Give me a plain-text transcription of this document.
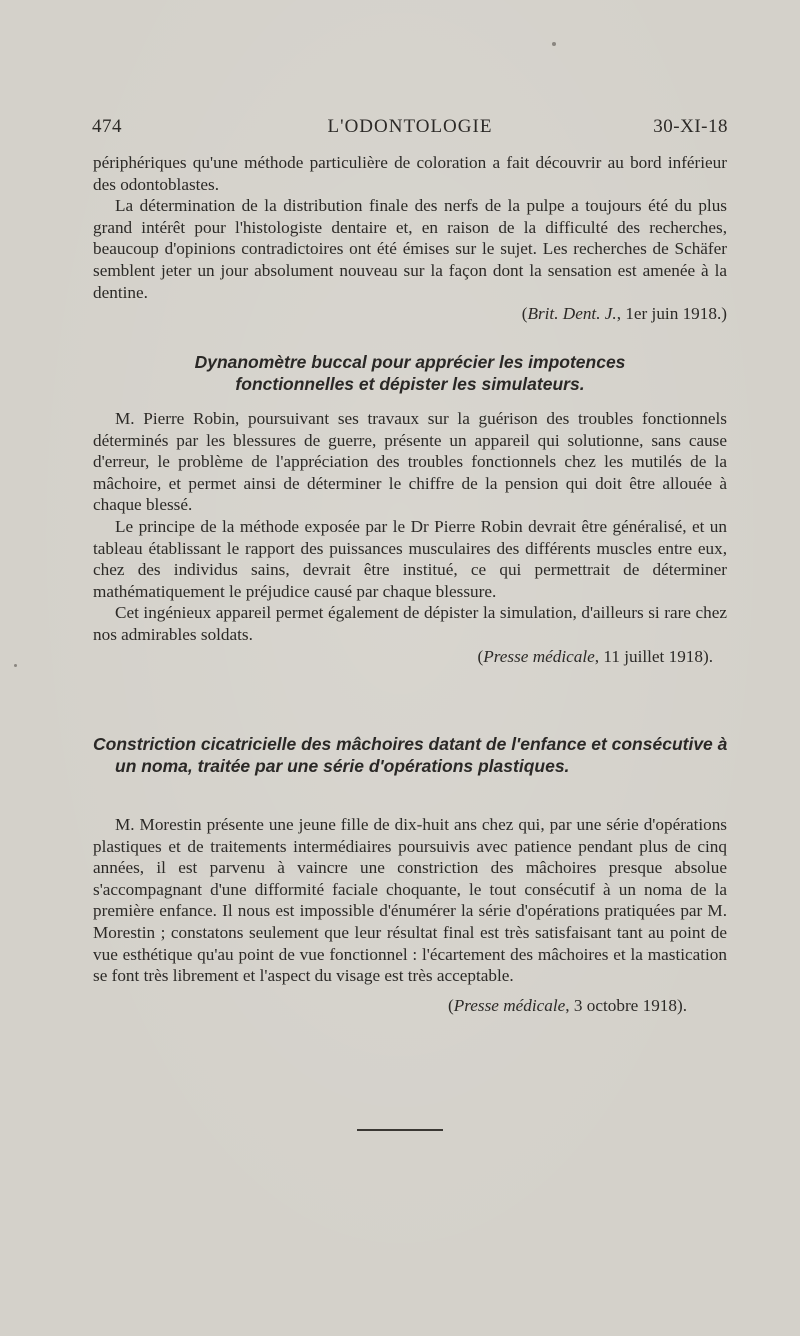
474	L'ODONTOLOGIE	30-XI-18

périphériques qu'une méthode particulière de coloration a fait découvrir au bord inférieur des odontoblastes.

La détermination de la distribution finale des nerfs de la pulpe a toujours été du plus grand intérêt pour l'histologiste dentaire et, en raison de la difficulté des recherches, beaucoup d'opinions contradictoires ont été émises sur le sujet. Les recherches de Schäfer semblent jeter un jour absolument nouveau sur la façon dont la sensation est amenée à la dentine.

(Brit. Dent. J., 1er juin 1918.)
Dynanomètre buccal pour apprécier les impotences fonctionnelles et dépister les simulateurs.

M. Pierre Robin, poursuivant ses travaux sur la guérison des troubles fonctionnels déterminés par les blessures de guerre, présente un appareil qui solutionne, sans cause d'erreur, le problème de l'appréciation des troubles fonctionnels chez les mutilés de la mâchoire, et permet ainsi de déterminer le chiffre de la pension qui doit être allouée à chaque blessé.

Le principe de la méthode exposée par le Dr Pierre Robin devrait être généralisé, et un tableau établissant le rapport des puissances musculaires des différents muscles entre eux, chez des individus sains, devrait être institué, ce qui permettrait de déterminer mathématiquement le préjudice causé par chaque blessure.

Cet ingénieux appareil permet également de dépister la simulation, d'ailleurs si rare chez nos admirables soldats.

(Presse médicale, 11 juillet 1918).
Constriction cicatricielle des mâchoires datant de l'enfance et consécutive à un noma, traitée par une série d'opérations plastiques.

M. Morestin présente une jeune fille de dix-huit ans chez qui, par une série d'opérations plastiques et de traitements intermédiaires poursuivis avec patience pendant plus de cinq années, il est parvenu à vaincre une constriction des mâchoires presque absolue s'accompagnant d'une difformité faciale choquante, le tout consécutif à un noma de la première enfance. Il nous est impossible d'énumérer la série d'opérations pratiquées par M. Morestin ; constatons seulement que leur résultat final est très satisfaisant tant au point de vue esthétique qu'au point de vue fonctionnel : l'écartement des mâchoires et la mastication se font très librement et l'aspect du visage est très acceptable.

(Presse médicale, 3 octobre 1918).
